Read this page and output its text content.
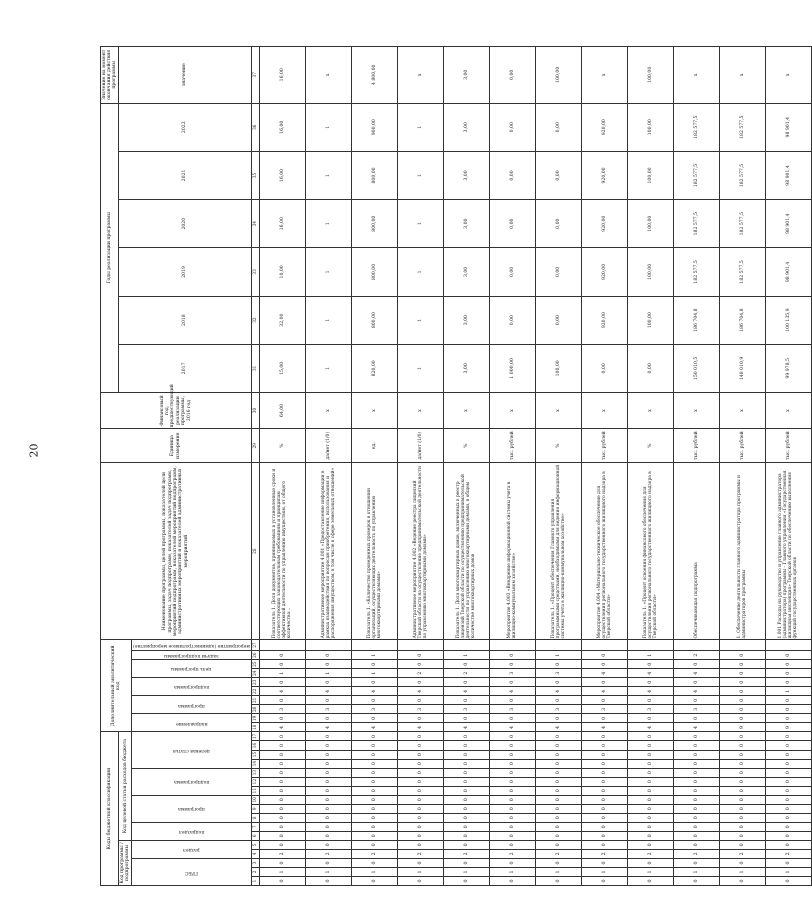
20
Коды бюджетной классификации																	Дополнительный аналитический код										Наименование программы, целей программы, показателей цели программы, задач подпрограмм, показателей задач подпрограмм, мероприятий подпрограмм, показателей мероприятий подпрограмм, административных мероприятий и показателей административных мероприятий	Единица измерения	Финансовый год, предшествующий реализации программы, 2016 год	Годы реализации программы						Значение на момент окончания действия программы
Код программы / подпрограммы					Код целевой статьи расходов бюджета																									2017	2018	2019	2020	2021	2022	значение

ГРБС			раздел		подраздел		программа			подпрограмма			целевая статья				направление		программа		подпрограмма		цель программы		задачи подпрограммы	мероприятие (административное мероприятие)										

1	2	3	4	5	6	7	8	9	10	11	12	13	14	15	16	17	18	19	20	21	22	23	24	25	26	27	28	29	30	31	32	33	34	35	36	37
0	1	0	2	0	0	0	0	0	0	0	0	0	0	0	0	0	4	0	3	0	4	0	1	0	0		Показатель 1. Доля документов, принимаемых в установленные сроки и соответствующих законодательным требованиям и принципам эффективной деятельности по управлению имуществом, от общего количества...	%	64,00	15,00	32,00	10,00	16,00	16,00	16,00	16,00
0	1	0	2	0	0	0	0	0	0	0	0	0	0	0	0	0	4	0	3	0	4	0	1	0	0		Административное мероприятие 4.001 «Предоставление информации в рамках взаимодействия по вопросам приобретения, использования и распоряжения имуществом, в том числе в сфере земельных отношений»	да/нет (1/0)	x	1	1	1	1	1	1	x
0	1	0	2	0	0	0	0	0	0	0	0	0	0	0	0	0	4	0	3	0	4	0	1	0	1		Показатель 1. «Количество проведенных проверок в отношении организаций, осуществляющих деятельность по управлению многоквартирными домами»	ед.	x	820,00	800,00	800,00	800,00	800,00	900,00	4 800,00
0	1	0	2	0	0	0	0	0	0	0	0	0	0	0	0	0	4	0	3	0	4	0	2	0	0		Административное мероприятие 4.002 «Ведение реестра лицензий Тверской области на осуществление предпринимательской деятельности по управлению многоквартирными домами»	да/нет (1/0)	x	1	1	1	1	1	1	x
0	1	0	2	0	0	0	0	0	0	0	0	0	0	0	0	0	4	0	3	0	4	0	2	0	1		Показатель 1. Доля многоквартирных домов, включенных в реестр лицензий Тверской области по осуществлению предпринимательской деятельности по управлению многоквартирными домами, в общем количестве многоквартирных домов	%	x	3,00	3,00	3,00	3,00	3,00	3,00	3,00
0	1	0	2	0	0	0	0	0	0	0	0	0	0	0	0	0	4	0	3	0	4	0	3	0	0		Мероприятие 4.003 «Внедрение информационной системы учета в жилищно-коммунальном хозяйстве»	тыс. рублей	x	1 000,00	0,00	0,00	0,00	0,00	0,00	0,00
0	1	0	2	0	0	0	0	0	0	0	0	0	0	0	0	0	4	0	3	0	4	0	3	0	1		Показатель 1. «Процент обеспечения Главного управления программными средствами, необходимыми для ведения информационной системы учета в жилищно-коммунальном хозяйстве»	%	x	100,00	0,00	0,00	0,00	0,00	0,00	100,00
0	1	0	2	0	0	0	0	0	0	0	0	0	0	0	0	0	4	0	3	0	4	0	4	0	0		Мероприятие 4.004 «Материально-техническое обеспечение для осуществления регионального государственного жилищного надзора в Тверской области»	тыс. рублей	x	0,00	920,00	920,00	920,00	920,00	920,00	x
0	1	0	2	0	0	0	0	0	0	0	0	0	0	0	0	0	4	0	3	0	4	0	4	0	1		Показатель 1. «Процент освоения финансового обеспечения для осуществления регионального государственного жилищного надзора в Тверской области»	%	x	0,00	100,00	100,00	100,00	100,00	100,00	100,00
0	1	0	2	0	0	0	0	0	0	0	0	0	0	0	0	0	4	0	3	0	4	0	4	0	2		Обеспечивающая подпрограмма	тыс. рублей	x	150 010,5	186 704,8	182 577,5	182 577,5	182 577,5	182 577,5	x
0	1	0	2	0	0	0	0	0	0	0	0	0	0	0	0	0	9	0	0	0	0	0	0	0	0		1. Обеспечение деятельности главного администратора программы и администраторов программы	тыс. рублей	x	148 010,9	186 704,8	182 577,5	182 577,5	182 577,5	182 577,5	x
0	1	0	2	0	0	0	0	0	0	0	0	0	0	0	0	0	9	0	0	0	1	0	0	0	0		1.001 Расходы на руководство и управление главного администратора (администратора) программы - Главного управления «Государственная жилищная инспекция» Тверской области по обеспечению выполнения функций государственных органов	тыс. рублей	x	99 978,5	100 135,9	98 901,4	98 901,4	98 901,4	98 901,4	x
